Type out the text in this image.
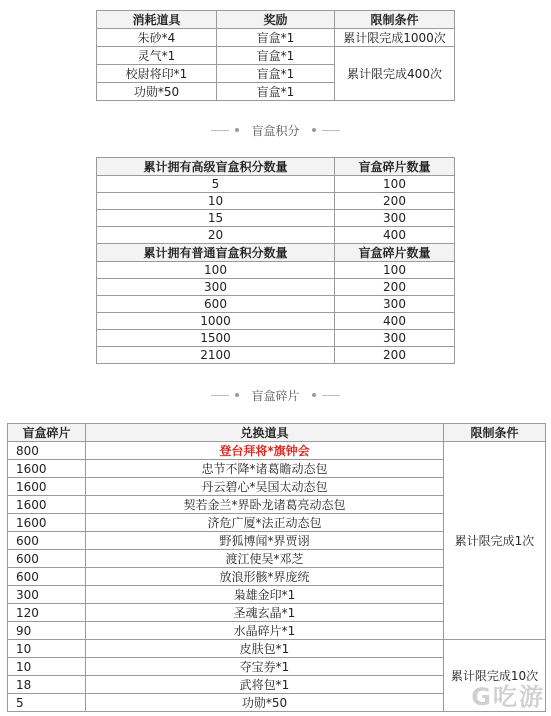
消耗道具	奖励	限制条件
朱砂*4	盲盒*1	累计限完成1000次
灵气*1	盲盒*1	累计限完成400次
校尉将印*1	盲盒*1	
功勋*50	盲盒*1	
盲盒积分
累计拥有高级盲盒积分数量	盲盒碎片数量
5	100
10	200
15	300
20	400
累计拥有普通盲盒积分数量	盲盒碎片数量
100	100
300	200
600	300
1000	400
1500	300
2100	200
盲盒碎片
盲盒碎片	兑换道具	限制条件
800	登台拜将*旗钟会	累计限完成1次
1600	忠节不降*诸葛瞻动态包	
1600	丹云碧心*吴国太动态包	
1600	契若金兰*界卧龙诸葛亮动态包	
1600	济危广厦*法正动态包	
600	野狐博闻*界贾诩	
600	渡江使吴*邓芝	
600	放浪形骸*界庞统	
300	枭雄金印*1	
120	圣魂玄晶*1	
90	水晶碎片*1	
10	皮肤包*1	累计限完成10次
10	夺宝券*1	
18	武将包*1	
5	功勋*50		G吃游
